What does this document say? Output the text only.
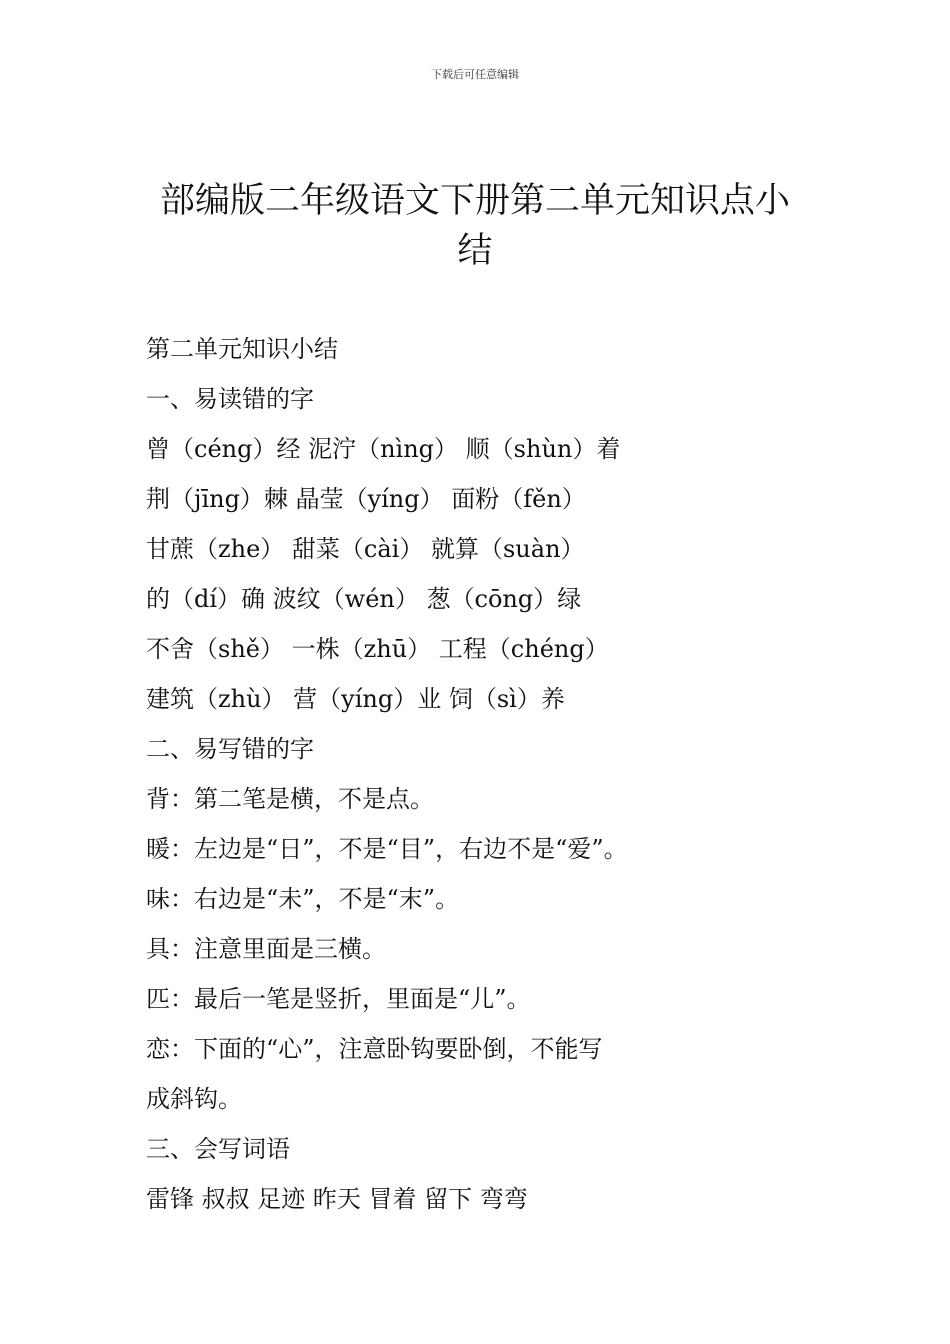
下载后可任意编辑
部编版二年级语文下册第二单元知识点小
结
第二单元知识小结
一、易读错的字
曾（céng）经 泥泞（nìng） 顺（shùn）着
荆（jīng）棘 晶莹（yíng） 面粉（fěn）
甘蔗（zhe） 甜菜（cài） 就算（suàn）
的（dí）确 波纹（wén） 葱（cōng）绿
不舍（shě） 一株（zhū） 工程（chéng）
建筑（zhù） 营（yíng）业 饲（sì）养
二、易写错的字
背：第二笔是横，不是点。
暖：左边是“日”，不是“目”，右边不是“爱”。
味：右边是“未”，不是“末”。
具：注意里面是三横。
匹：最后一笔是竖折，里面是“儿”。
恋：下面的“心”，注意卧钩要卧倒，不能写
成斜钩。
三、会写词语
雷锋 叔叔 足迹 昨天 冒着 留下 弯弯
